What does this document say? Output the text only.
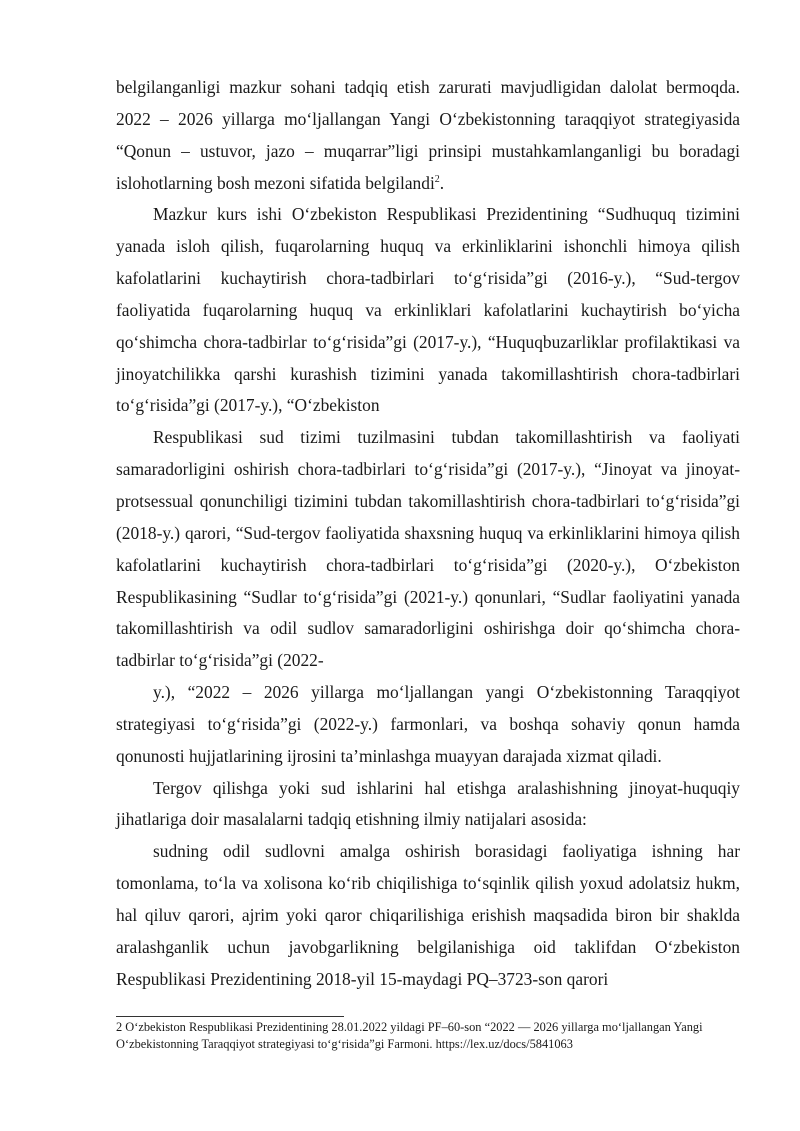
belgilanganligi mazkur sohani tadqiq etish zarurati mavjudligidan dalolat bermoqda. 2022 – 2026 yillarga mo‘ljallangan Yangi O‘zbekistonning taraqqiyot strategiyasida “Qonun – ustuvor, jazo – muqarrar”ligi prinsipi mustahkamlanganligi bu boradagi islohotlarning bosh mezoni sifatida belgilandi$^2$.

Mazkur kurs ishi O‘zbekiston Respublikasi Prezidentining “Sudhuquq tizimini yanada isloh qilish, fuqarolarning huquq va erkinliklarini ishonchli himoya qilish kafolatlarini kuchaytirish chora-tadbirlari to‘g‘risida”gi (2016-y.), “Sud-tergov faoliyatida fuqarolarning huquq va erkinliklari kafolatlarini kuchaytirish bo‘yicha qo‘shimcha chora-tadbirlar to‘g‘risida”gi (2017-y.), “Huquqbuzarliklar profilaktikasi va jinoyatchilikka qarshi kurashish tizimini yanada takomillashtirish chora-tadbirlari to‘g‘risida”gi (2017-y.), “O‘zbekiston

Respublikasi sud tizimi tuzilmasini tubdan takomillashtirish va faoliyati samaradorligini oshirish chora-tadbirlari to‘g‘risida”gi (2017-y.), “Jinoyat va jinoyat-protsessual qonunchiligi tizimini tubdan takomillashtirish chora-tadbirlari to‘g‘risida”gi (2018-y.) qarori, “Sud-tergov faoliyatida shaxsning huquq va erkinliklarini himoya qilish kafolatlarini kuchaytirish chora-tadbirlari to‘g‘risida”gi (2020-y.), O‘zbekiston Respublikasining “Sudlar to‘g‘risida”gi (2021-y.) qonunlari, “Sudlar faoliyatini yanada takomillashtirish va odil sudlov samaradorligini oshirishga doir qo‘shimcha chora-tadbirlar to‘g‘risida”gi (2022-

y.), “2022 – 2026 yillarga mo‘ljallangan yangi O‘zbekistonning Taraqqiyot strategiyasi to‘g‘risida”gi (2022-y.) farmonlari, va boshqa sohaviy qonun hamda qonunosti hujjatlarining ijrosini ta’minlashga muayyan darajada xizmat qiladi.

Tergov qilishga yoki sud ishlarini hal etishga aralashishning jinoyat-huquqiy jihatlariga doir masalalarni tadqiq etishning ilmiy natijalari asosida:

sudning odil sudlovni amalga oshirish borasidagi faoliyatiga ishning har tomonlama, to‘la va xolisona ko‘rib chiqilishiga to‘sqinlik qilish yoxud adolatsiz hukm, hal qiluv qarori, ajrim yoki qaror chiqarilishiga erishish maqsadida biron bir shaklda aralashganlik uchun javobgarlikning belgilanishiga oid taklifdan O‘zbekiston Respublikasi Prezidentining 2018-yil 15-maydagi PQ–3723-son qarori

2 O‘zbekiston Respublikasi Prezidentining 28.01.2022 yildagi PF–60-son “2022 — 2026 yillarga mo‘ljallangan Yangi O‘zbekistonning Taraqqiyot strategiyasi to‘g‘risida”gi Farmoni. https://lex.uz/docs/5841063
